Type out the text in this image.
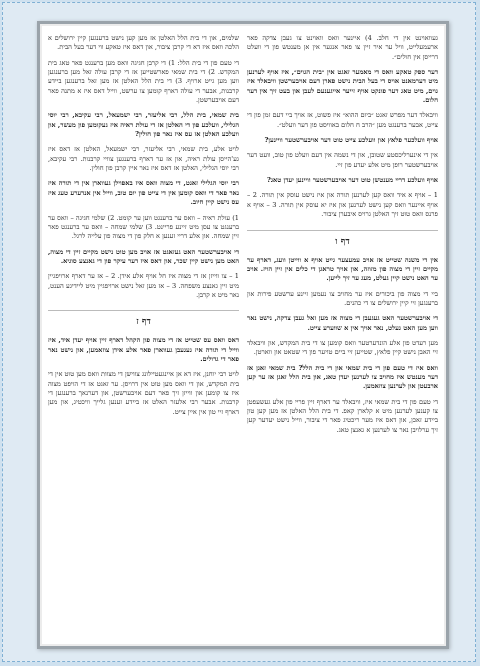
געוואוינט אין די חלב. 4) איינער וואס וואוינט צו געבן צדקה פאר ארעמעלייט, וויל ער איר זיין צו פאר אנגער אין אן מענטש פון די וועלט דרייסן אין חולים״.

דער ספק טאקע וואס די מאמער זאגט אין ״בית הגוים״, איז אויף לערנען מיט דערמאנט אויס די בעל הבית נישט פארן דעם אויבערשטן וויבאלד איז גוים, מיט טאג דער פונקט אויף זייער אייגענעם לעבן און בעט זיך אין דער חלום.

וויבאלד דער מפרש זאגט ״ביום ההוא״ איז פשוט, אז אויך ביי דעם זמן פון די צייט, אבער ברענגט מען ״הרב ח חלום באוויסט פון דער וועלט״.

אויף וועלכער פלאץ און וועלכע צייט טוט דער אויבערשטער וויינען?

אין די אינערליכסטע שטובן, און די נשמה אין דעם וועלט פון טוב, וועט דער אויבערשטער רופן מיט אלע יעדע פון זיי.

אויף וועלכע דריי מענטשן טוט דער אויבערשטער וויינען יעדן טאג?

1 – אויף א איד וואס קען לערנען תורה און איז נישט עוסק אין תורה. 2 – אויף איינער וואס קען נישט לערנען און איז יא עוסק אין תורה. 3 – אויף א פרנס וואס טוט זיך האלטן גרויס איבערן ציבור.

דף ו

אין די משנה שטייט אז אויב עמעצער גייט אויף א ווייטן וועג, דארף ער מקיים זיין די מצוה פון מזוזה, און אויך טראגן די כלים אין זיין הויז. אויב ער האט נישט קיין געלט, מעג ער זיך לייען.

ביי די מצוה פון ביכורים איז ער מחויב צו נעמען זיינע ערשטע פירות און ברענגען זיי קיין ירושלים צו די כהנים.

די אויבערשטער האט געגעבן די מצוה אז מען זאל געבן צדקה, נישט נאר ווען מען האט געלט, נאר אויך אין א שווערע צייט.

מען רעדט פון אלע הונדערטער וואס קומען צו די בית המקדש, און וויבאלד זיי האבן נישט קיין פלאץ, שטייען זיי ביים טויער פון די שטאט און ווארטן.

וואס איז די טעם פון די בית שמאי און די בית הלל? בית שמאי זאגן אז דער מענטש איז מחויב צו לערנען יעדן טאג, און בית הלל זאגן אז ער קען ארבעטן און לערנען צוזאמען.

די טעם פון די בית שמאי איז, וויבאלד ער דארף זיין פריי פון אלע געשעפטן צו קענען לערנען מיט א קלארן קאפ. די בית הלל האלטן אז מען קען טון ביידע זאכן, און דאס איז מער ריכטיג פאר די ציבור, ווייל נישט יעדער קען זיך ערלויבן נאר צו לערנען א גאנצן טאג.

שלמים, און די בית הלל האלטן אז מען קען נישט ברענגען קיין ירושלים א הלכה וואס איז דא די קרבן ציבור, און דאס איז טאקע ווי דער בעל הבית.

די טעם פון די בית הלל: 1) די קרבן חגיגה וואס מען ברענגט פאר טאג בית המקדש. 2) די בית שמאי פארשטייען אז די קרבן עולה זאל מען ברענגען ווען מען גייט ארויף. 3) די בית הלל האלטן אז מען זאל ברענגען ביידע קרבנות, אבער די עולה דארף קומען צו ערשט, ווייל דאס איז א מתנה פאר דעם אויבערשטן.

בית שמאי, בית הלל, רבי אליעזר, רבי ישמעאל, רבי עקיבא, רבי יוסי הגלילי, וועלכע פון די האלטן אז די עולת ראיה איז געקומען פון מעשר, און וועלכע האלטן אז עס איז נאר פון חולין?

לויט אלע, בית שמאי, רבי אליעזר, רבי ישמעאל, האלטן אז דאס איז גע'הייסן עולת ראיה, און אז ער דארף ברענגען צוויי קרבנות. רבי עקיבא, רבי יוסי הגלילי, האלטן אז דאס איז נאר איין קרבן פון חולין.

רבי יוסי הגלילי זאגט, די מצוה וואס איז באפוילן געווארן אין די תורה איז נאר פאר די וואס קומען אין די צייט פון יום טוב, ווייל אין אנדערע טעג איז עס נישט קיין חיוב.

1) עולת ראיה – וואס ער ברענגט ווען ער קומט. 2) שלמי חגיגה – וואס ער ברענגט צו עסן מיט זיינע פריינט. 3) שלמי שמחה – וואס ער ברענגט פאר זיין שמחה. און אלע דריי זענען א חלק פון די מצוה פון עלייה לרגל.

די אויבערשטער האט געזאגט אז אויב מען טוט נישט מקיים זיין די מצוה, האט מען נישט קיין שכר, און דאס איז דער עיקר פון די גאנצע סוגיא.

1 – צו ווייזן אז די מצוה איז חל אויף אלע אידן. 2 – אז ער דארף ארויפגיין מיט זיין גאנצע משפחה. 3 – אז מען זאל נישט ארויפגיין מיט ליידיגע הענט, נאר מיט א קרבן.

דף ז

דאס וואס עס שטייט אז די מצוה פון הקהל דארף זיין אויף יעדן איד, איז ווייל די תורה איז געגעבן געווארן פאר אלע אידן צוזאמען, און נישט נאר פאר די גדולים.

לויט רבי יוחנן, איז דא אן איינגעטיילונג צווישן די מצוות וואס מען טוט אין די בית המקדש, און די וואס מען טוט אין דרויסן. ער זאגט אז די הויפט מצוה איז צו קומען און ווייזן זיך פאר דעם אויבערשטן, און דערנאך ברענגען די קרבנות. אבער רבי אלעזר האלט אז ביידע זענען גלייך וויכטיג, און מען דארף זיי טון אין איין צייט.
